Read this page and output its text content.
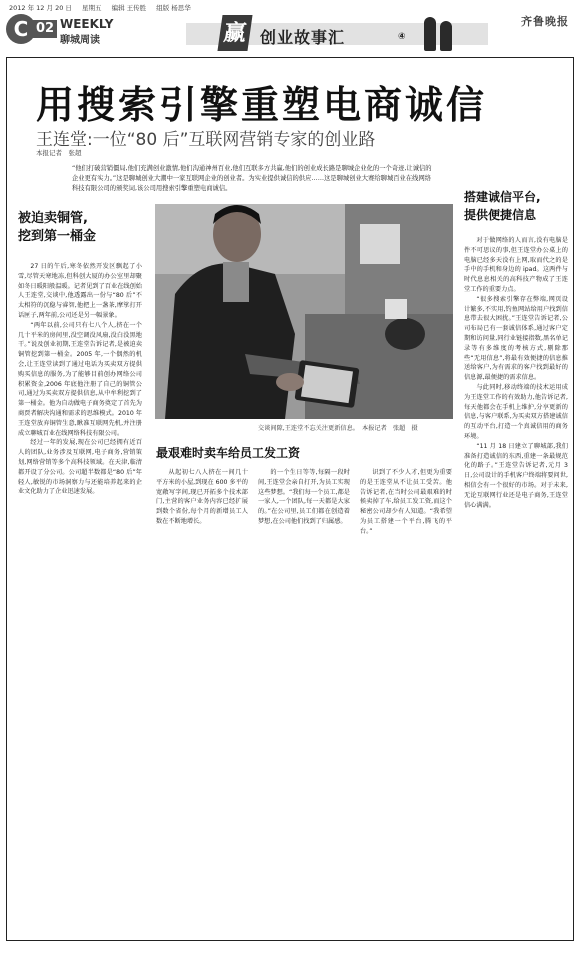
2012 年 12 月 20 日 星期五 编辑 王传胜 组版 杨思华
C 02 WEEKLY
聊城周读	赢 创业故事汇	④
齐鲁晚报
用搜索引擎重塑电商诚信
王连堂:一位“80 后”互联网营销专家的创业路
本报记者　张超
“他们打破营销僵局,他们充满创业激情,他们沟通神州百业,他们互联多方共赢,他们的创业成长路是聊城企业化的一个奇迹,让诚信的企业更有实力。”这是聊城创业大潮中一家互联网企业的创业者。为实业提供诚信的供应……这是聊城创业大赛给聊城百业在线网络科技有限公司的颁奖词,该公司用搜索引擎重塑电商诚信。
被迫卖铜管,
挖到第一桶金

27 日的午后,寒冬依然开发区飘起了小雪,尽管天寒地冻,但科创大厦的办公室里却聚如冬日暖阳般温暖。记者见到了百业在线创始人王连堂,交谈中,他透露出一份与“80 后”不太相符的沉稳与睿智,他把上一盏茶,摩挲打开话匣子,两年前,公司还是另一幅景象。

“两年以前,公司只有七八个人,挤在一个几十平米的房间里,没空调没风扇,没白没黑地干。”说及创业初期,王连堂告诉记者,是被迫卖铜管挖到第一桶金。2005 年,一个偶然的机会,让王连堂读到了通过电话为买卖双方提供购买信息的服务,为了能够目前创办网络公司积累资金,2006 年底他注册了自己的铜管公司,通过为买卖双方提供信息,从中牟利挖到了第一桶金。他为自动做电子商务奠定了首先为商贾者解决沟通和需求的思维模式。2010 年王连堂放弃铜管生意,瞅准互联网先机,并注册成立聊城百业在线网络科技有限公司。

经过一年的发展,现在公司已经拥有近百人的团队,业务涉及互联网,电子商务,营销策划,网络营销等多个高科技领域。在天津,临清都开设了分公司。公司超半数都是“80 后”年轻人,敏锐的市场洞察力与还能培养起来的企业文化助力了企业迅速发展。

交谈间隙,王连堂不忘关注更新信息。　本报记者　张超　摄
最艰难时卖车给员工发工资

从起初七八人挤在一间几十平方米的小屋,到现在 600 多平的宽敞写字间,现已开拓多个技术部门,主营的客户业务内容已经扩展到数个省份,每个月的新增员工人数在不断地增长。

的一个生日等等,每隔一段时间,王连堂会亲自打开,为员工实现这些梦想。“我们每一个员工,都是一家人,一个团队,每一天都是大家的。”在公司里,员工们都在创造着梦想,在公司他们找到了归属感。

识到了不少人才,但更为重要的是王连堂从不让员工受苦。他告诉记者,在当时公司最艰难的时候卖掉了车,给员工发工资,而这个秘密公司却少有人知道。“我希望为员工搭建一个平台,腾飞的平台。”

搭建诚信平台,
提供便捷信息

对于做网络的人而言,没有电脑是件不可思议的事,但王连堂办公桌上的电脑已经多天没有上网,取而代之的是手中的手机和身边的 ipad。这两件与时代息息相关的高科技产物成了王连堂工作的重要力点。

“很多搜索引擎存在弊端,网页设计繁多,不实用,钓鱼网站给用户找到信息带去很大困扰。”王连堂告诉记者,公司布局已有一套诚信体系,通过客户定期和访问量,同行业链接指数,黑名单记录等有多维度的考核方式,剔除那些“无用信息”,将最有效便捷的信息推送给客户,为有需求的客户找到最好的信息源,最便捷的需求信息。

与此同时,移动终端的技术运用成为王连堂工作的有效助力,他告诉记者,每天他都会在手机上维护,分享更新的信息,与客户联系,为买卖双方搭建诚信的互动平台,打造一个真诚信用的商务环境。

“11 月 18 日建立了聊城部,我们准备打造诚信的东西,重建一条最规范化的路子。”王连堂告诉记者,元月 3 日,公司设计的手机客户终端将要问世,相信会有一个很好的市场。对于未来,无论互联网行业还是电子商务,王连堂信心满满。
